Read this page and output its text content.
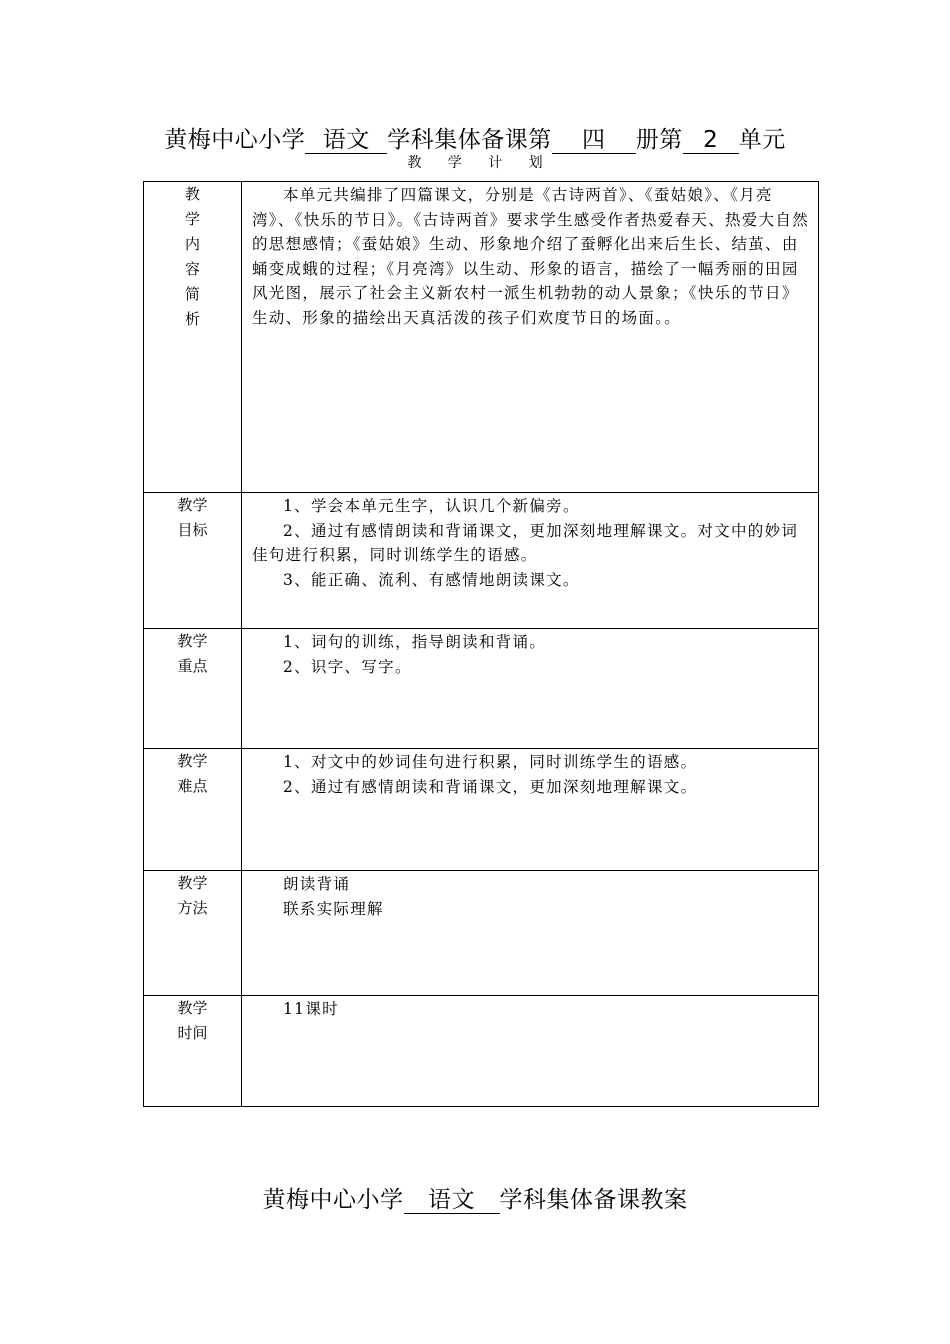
黄梅中心小学 语文 学科集体备课第 四 册第 2 单元
教 学 计 划
教学内容简析	本单元共编排了四篇课文，分别是《古诗两首》、《蚕姑娘》、《月亮湾》、《快乐的节日》。《古诗两首》要求学生感受作者热爱春天、热爱大自然的思想感情；《蚕姑娘》生动、形象地介绍了蚕孵化出来后生长、结茧、由蛹变成蛾的过程；《月亮湾》以生动、形象的语言，描绘了一幅秀丽的田园风光图，展示了社会主义新农村一派生机勃勃的动人景象；《快乐的节日》生动、形象的描绘出天真活泼的孩子们欢度节日的场面。。

教学目标	1、学会本单元生字，认识几个新偏旁。

2、通过有感情朗读和背诵课文，更加深刻地理解课文。对文中的妙词佳句进行积累，同时训练学生的语感。

3、能正确、流利、有感情地朗读课文。

教学重点	1、词句的训练，指导朗读和背诵。

2、识字、写字。

教学难点	1、对文中的妙词佳句进行积累，同时训练学生的语感。

2、通过有感情朗读和背诵课文，更加深刻地理解课文。

教学方法	朗读背诵

联系实际理解

教学时间	11课时

黄梅中心小学 语文 学科集体备课教案
